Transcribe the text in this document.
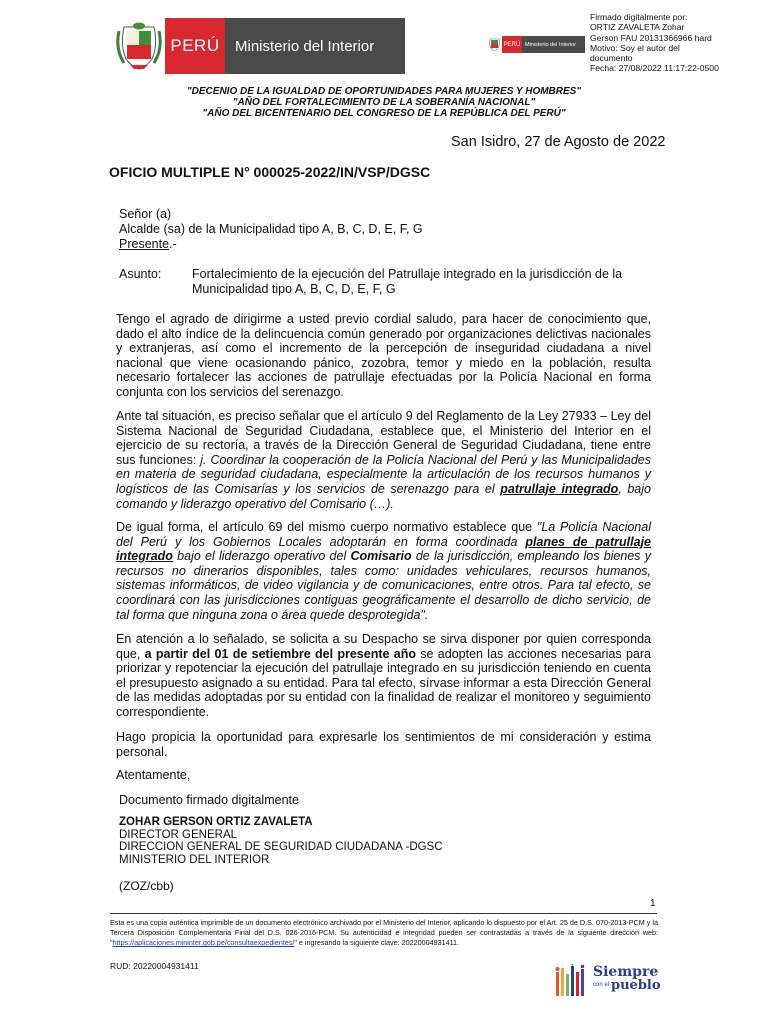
PERÚ	Ministerio del Interior	PERÚ Ministerio del Interior
Firmado digitalmente por:
ORTIZ ZAVALETA Zohar
Gerson FAU 20131366966 hard
Motivo: Soy el autor del
documento
Fecha: 27/08/2022 11:17:22-0500
"DECENIO DE LA IGUALDAD DE OPORTUNIDADES PARA MUJERES Y HOMBRES"
"AÑO DEL FORTALECIMIENTO DE LA SOBERANÍA NACIONAL"
"AÑO DEL BICENTENARIO DEL CONGRESO DE LA REPÚBLICA DEL PERÚ"
San Isidro, 27 de Agosto de 2022
OFICIO MULTIPLE N° 000025-2022/IN/VSP/DGSC
Señor (a)
Alcalde (sa) de la Municipalidad tipo A, B, C, D, E, F, G
Presente.-
Asunto: Fortalecimiento de la ejecución del Patrullaje integrado en la jurisdicción de la Municipalidad tipo A, B, C, D, E, F, G
Tengo el agrado de dirigirme a usted previo cordial saludo, para hacer de conocimiento que, dado el alto índice de la delincuencia común generado por organizaciones delictivas nacionales y extranjeras, así como el incremento de la percepción de inseguridad ciudadana a nivel nacional que viene ocasionando pánico, zozobra, temor y miedo en la población, resulta necesario fortalecer las acciones de patrullaje efectuadas por la Policía Nacional en forma conjunta con los servicios del serenazgo.
Ante tal situación, es preciso señalar que el artículo 9 del Reglamento de la Ley 27933 – Ley del Sistema Nacional de Seguridad Ciudadana, establece que, el Ministerio del Interior en el ejercicio de su rectoría, a través de la Dirección General de Seguridad Ciudadana, tiene entre sus funciones: j. Coordinar la cooperación de la Policía Nacional del Perú y las Municipalidades en materia de seguridad ciudadana, especialmente la articulación de los recursos humanos y logísticos de las Comisarías y los servicios de serenazgo para el patrullaje integrado, bajo comando y liderazgo operativo del Comisario (…).
De igual forma, el artículo 69 del mismo cuerpo normativo establece que "La Policía Nacional del Perú y los Gobiernos Locales adoptarán en forma coordinada planes de patrullaje integrado bajo el liderazgo operativo del Comisario de la jurisdicción, empleando los bienes y recursos no dinerarios disponibles, tales como: unidades vehiculares, recursos humanos, sistemas informáticos, de video vigilancia y de comunicaciones, entre otros. Para tal efecto, se coordinará con las jurisdicciones contiguas geográficamente el desarrollo de dicho servicio, de tal forma que ninguna zona o área quede desprotegida".
En atención a lo señalado, se solicita a su Despacho se sirva disponer por quien corresponda que, a partir del 01 de setiembre del presente año se adopten las acciones necesarias para priorizar y repotenciar la ejecución del patrullaje integrado en su jurisdicción teniendo en cuenta el presupuesto asignado a su entidad. Para tal efecto, sírvase informar a esta Dirección General de las medidas adoptadas por su entidad con la finalidad de realizar el monitoreo y seguimiento correspondiente.
Hago propicia la oportunidad para expresarle los sentimientos de mi consideración y estima personal.
Atentamente,
Documento firmado digitalmente
ZOHAR GERSON ORTIZ ZAVALETA
DIRECTOR GENERAL
DIRECCION GENERAL DE SEGURIDAD CIUDADANA -DGSC
MINISTERIO DEL INTERIOR
(ZOZ/cbb)
1
Esta es una copia auténtica imprimible de un documento electrónico archivado por el Ministerio del Interior, aplicando lo dispuesto por el Art. 25 de D.S. 070-2013-PCM y la Tercera Disposición Complementaria Final del D.S. 026-2016-PCM. Su autenticidad e integridad pueden ser contrastadas a través de la siguiente dirección web: "https://aplicaciones.mininter.gob.pe/consultaexpedientes/" e ingresando la siguiente clave: 20220004931411.
RUD: 20220004931411	Siempre
con el pueblo
